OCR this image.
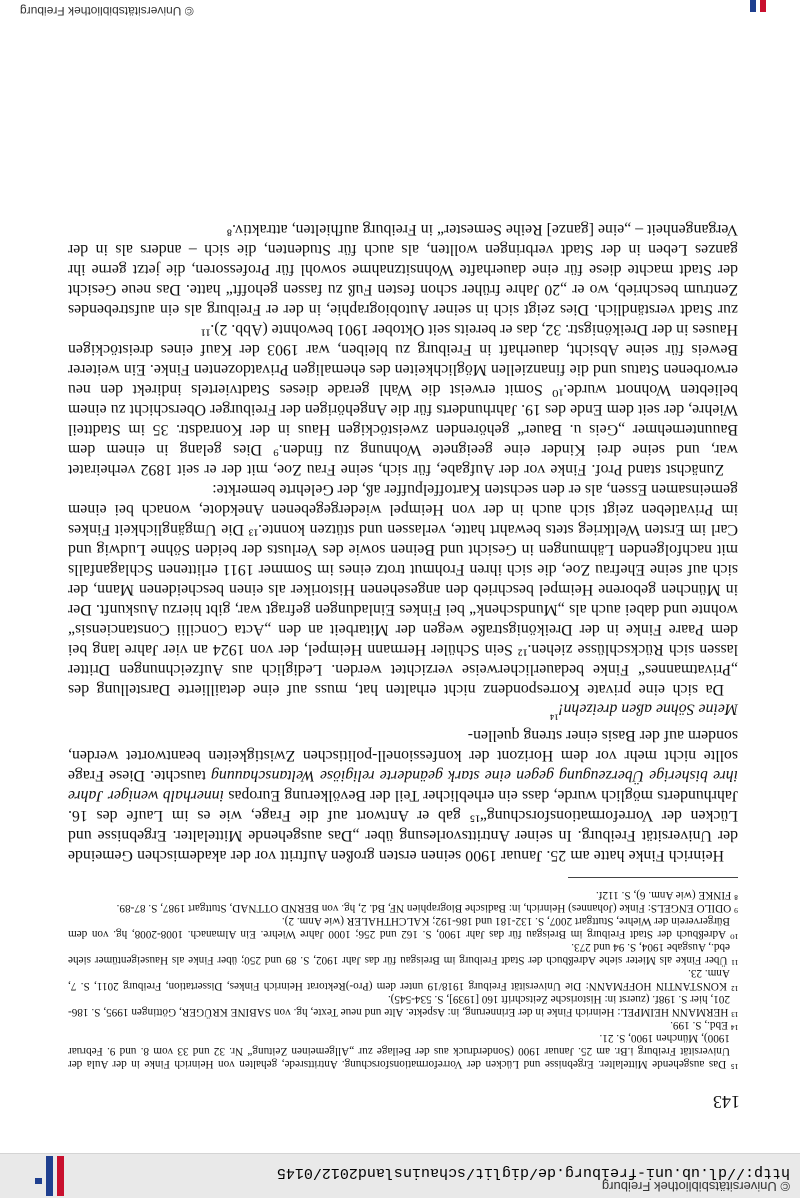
© Universitätsbibliothek Freiburg
http://dl.ub.uni-freiburg.de/diglit/schauinsland2012/0145
143
¹⁵ Das ausgehende Mittelalter. Ergebnisse und Lücken der Vorreformationsforschung. Antrittsrede, gehalten von Heinrich Finke in der Aula der Universität Freiburg i.Br. am 25. Januar 1900 (Sonderdruck aus der Beilage zur „Allgemeinen Zeitung“ Nr. 32 und 33 vom 8. und 9. Februar 1900), München 1900, S. 21.
¹⁴ Ebd., S. 199.
¹³ HERMANN HEIMPEL: Heinrich Finke in der Erinnerung, in: Aspekte. Alte und neue Texte, hg. von SABINE KRÜGER, Göttingen 1995, S. 186-201, hier S. 198f. (zuerst in: Historische Zeitschrift 160 [1939], S. 534-545).
¹² KONSTANTIN HOFFMANN: Die Universität Freiburg 1918/19 unter dem (Pro-)Rektorat Heinrich Finkes, Dissertation, Freiburg 2011, S. 7, Anm. 23.
¹¹ Über Finke als Mieter siehe Adreßbuch der Stadt Freiburg im Breisgau für das Jahr 1902, S. 89 und 250; über Finke als Hauseigentümer siehe ebd., Ausgabe 1904, S. 94 und 273.
¹⁰ Adreßbuch der Stadt Freiburg im Breisgau für das Jahr 1900, S. 162 und 256; 1000 Jahre Wiehre. Ein Almanach. 1008-2008, hg. von dem Bürgerverein der Wiehre, Stuttgart 2007, S. 132-181 und 186-192; KALCHTHALER (wie Anm. 2).
⁹ ODILO ENGELS: Finke (Johannes) Heinrich, in: Badische Biographien NF, Bd. 2, hg. von BERND OTTNAD, Stuttgart 1987, S. 87-89.
⁸ FINKE (wie Anm. 6), S. 112f.

Heinrich Finke hatte am 25. Januar 1900 seinen ersten großen Auftritt vor der akademischen Gemeinde der Universität Freiburg. In seiner Antrittsvorlesung über „Das ausgehende Mittelalter. Ergebnisse und Lücken der Vorreformationsforschung“¹⁵ gab er Antwort auf die Frage, wie es im Laufe des 16. Jahrhunderts möglich wurde, dass ein erheblicher Teil der Bevölkerung Europas innerhalb weniger Jahre ihre bisherige Überzeugung gegen eine stark geänderte religiöse Weltanschauung tauschte. Diese Frage sollte nicht mehr vor dem Horizont der konfessionell-politischen Zwistigkeiten beantwortet werden, sondern auf der Basis einer streng quellen-

Meine Söhne aßen dreizehn!$^{^{14}}$

Da sich eine private Korrespondenz nicht erhalten hat, muss auf eine detaillierte Darstellung des „Privatmannes“ Finke bedauerlicherweise verzichtet werden. Lediglich aus Aufzeichnungen Dritter lassen sich Rückschlüsse ziehen.¹² Sein Schüler Hermann Heimpel, der von 1924 an vier Jahre lang bei dem Paare Finke in der Dreikönigstraße wegen der Mitarbeit an den „Acta Concilii Constanciensis“ wohnte und dabei auch als „Mundschenk“ bei Finkes Einladungen gefragt war, gibt hierzu Auskunft. Der in München geborene Heimpel beschrieb den angesehenen Historiker als einen bescheidenen Mann, der sich auf seine Ehefrau Zoe, die sich ihren Frohmut trotz eines im Sommer 1911 erlittenen Schlaganfalls mit nachfolgenden Lähmungen in Gesicht und Beinen sowie des Verlusts der beiden Söhne Ludwig und Carl im Ersten Weltkrieg stets bewahrt hatte, verlassen und stützen konnte.¹³ Die Umgänglichkeit Finkes im Privatleben zeigt sich auch in der von Heimpel wiedergegebenen Anekdote, wonach bei einem gemeinsamen Essen, als er den sechsten Kartoffelpuffer aß, der Gelehrte bemerkte:

Zunächst stand Prof. Finke vor der Aufgabe, für sich, seine Frau Zoe, mit der er seit 1892 verheiratet war, und seine drei Kinder eine geeignete Wohnung zu finden.⁹ Dies gelang in einem dem Bauunternehmer „Geis u. Bauer“ gehörenden zweistöckigen Haus in der Konradstr. 35 im Stadtteil Wiehre, der seit dem Ende des 19. Jahrhunderts für die Angehörigen der Freiburger Oberschicht zu einem beliebten Wohnort wurde.¹⁰ Somit erweist die Wahl gerade dieses Stadtviertels indirekt den neu erworbenen Status und die finanziellen Möglichkeiten des ehemaligen Privatdozenten Finke. Ein weiterer Beweis für seine Absicht, dauerhaft in Freiburg zu bleiben, war 1903 der Kauf eines dreistöckigen Hauses in der Dreikönigstr. 32, das er bereits seit Oktober 1901 bewohnte (Abb. 2).¹¹

zur Stadt verständlich. Dies zeigt sich in seiner Autobiographie, in der er Freiburg als ein aufstrebendes Zentrum beschrieb, wo er „20 Jahre früher schon festen Fuß zu fassen gehofft“ hatte. Das neue Gesicht der Stadt machte diese für eine dauerhafte Wohnsitznahme sowohl für Professoren, die jetzt gerne ihr ganzes Leben in der Stadt verbringen wollten, als auch für Studenten, die sich – anders als in der Vergangenheit – „eine [ganze] Reihe Semester“ in Freiburg aufhielten, attraktiv.⁸

© Universitätsbibliothek Freiburg
